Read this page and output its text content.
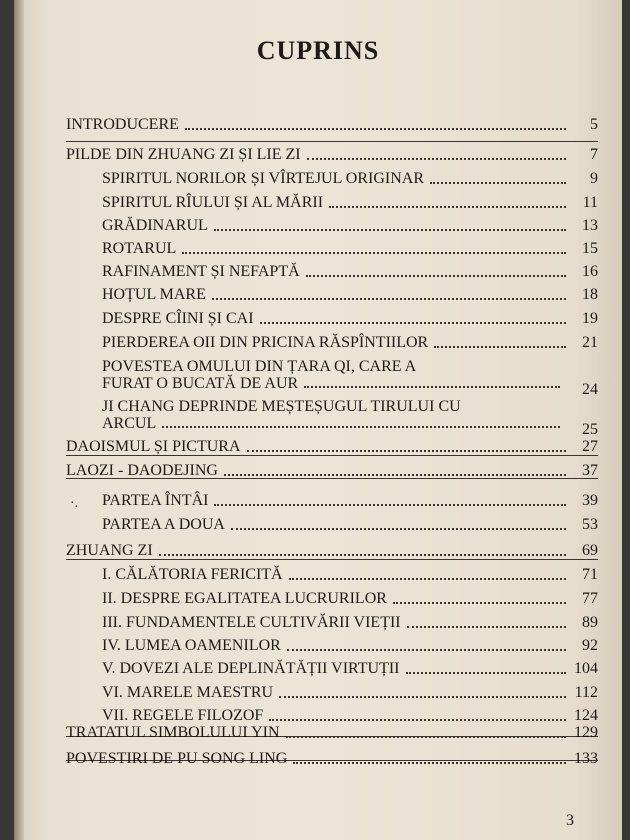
CUPRINS
INTRODUCERE	5
PILDE DIN ZHUANG ZI ȘI LIE ZI	7
SPIRITUL NORILOR ȘI VÎRTEJUL ORIGINAR	9
SPIRITUL RÎULUI ȘI AL MĂRII	11
GRĂDINARUL	13
ROTARUL	15
RAFINAMENT ȘI NEFAPTĂ	16
HOȚUL MARE	18
DESPRE CÎINI ȘI CAI	19
PIERDEREA OII DIN PRICINA RĂSPÎNTIILOR	21
POVESTEA OMULUI DIN ȚARA QI, CARE A
FURAT O BUCATĂ DE AUR	24
JI CHANG DEPRINDE MEȘTEȘUGUL TIRULUI CU
ARCUL	25
DAOISMUL ȘI PICTURA	27
LAOZI - DAODEJING	37
·. PARTEA ÎNTÂI	39
PARTEA A DOUA	53
ZHUANG ZI	69
I. CĂLĂTORIA FERICITĂ	71
II. DESPRE EGALITATEA LUCRURILOR	77
III. FUNDAMENTELE CULTIVĂRII VIEȚII	89
IV. LUMEA OAMENILOR	92
V. DOVEZI ALE DEPLINĂTĂȚII VIRTUȚII	104
VI. MARELE MAESTRU	112
VII. REGELE FILOZOF	124
TRATATUL SIMBOLULUI YIN	129
POVESTIRI DE PU SONG LING	133
3
